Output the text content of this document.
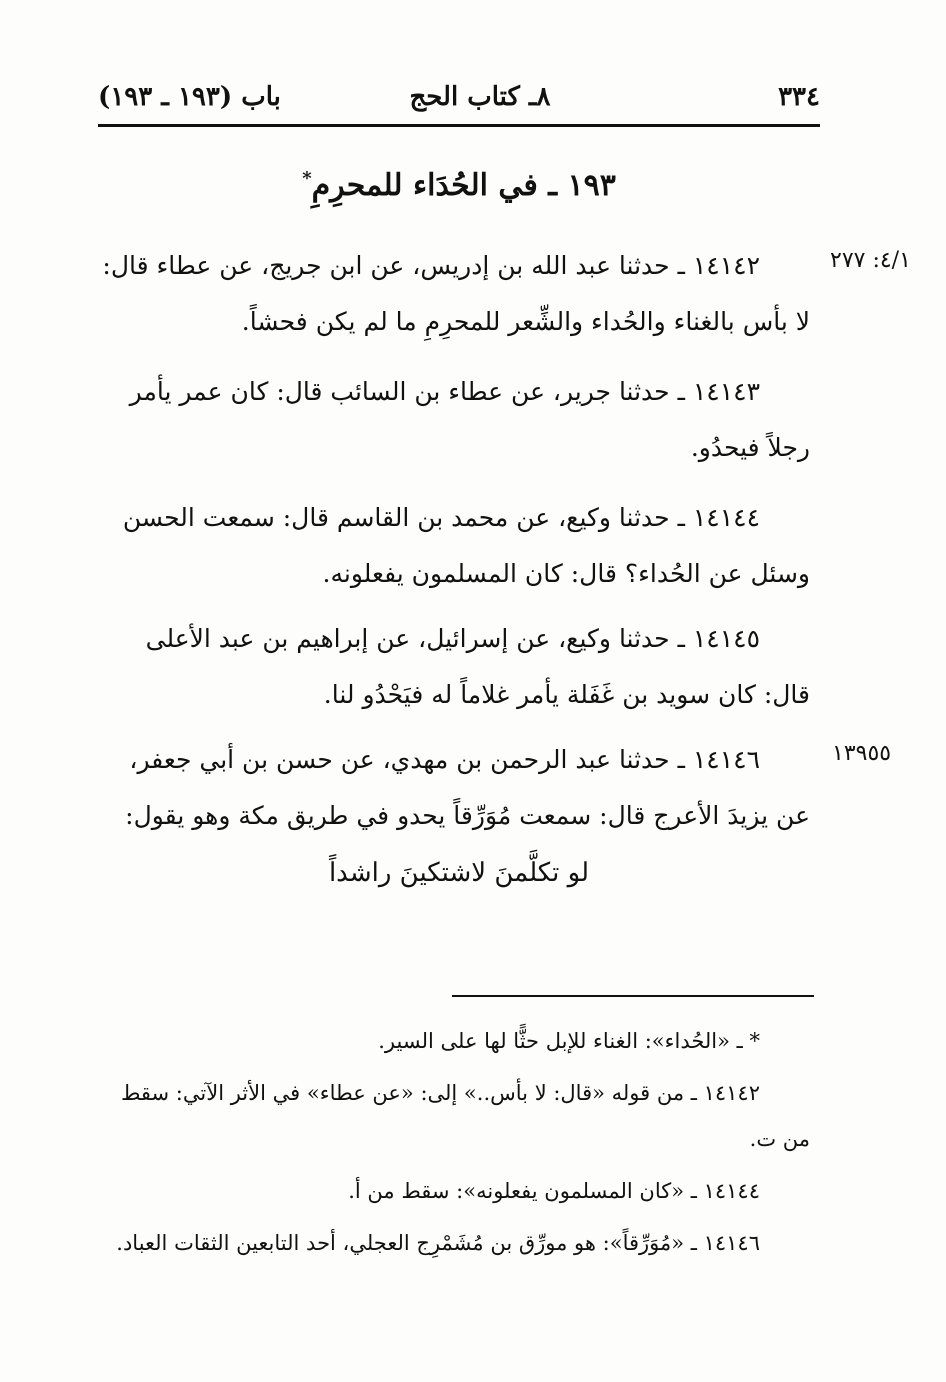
باب (١٩٣ ـ ١٩٣)	٨ـ كتاب الحج	٣٣٤
١٩٣ ـ في الحُدَاء للمحرِمِ*
٤/١: ٢٧٧
١٣٩٥٥
١٤١٤٢ ـ حدثنا عبد الله بن إدريس، عن ابن جريج، عن عطاء قال:
لا بأس بالغناء والحُداء والشِّعر للمحرِمِ ما لم يكن فحشاً.
١٤١٤٣ ـ حدثنا جرير، عن عطاء بن السائب قال: كان عمر يأمر
رجلاً فيحدُو.
١٤١٤٤ ـ حدثنا وكيع، عن محمد بن القاسم قال: سمعت الحسن
وسئل عن الحُداء؟ قال: كان المسلمون يفعلونه.
١٤١٤٥ ـ حدثنا وكيع، عن إسرائيل، عن إبراهيم بن عبد الأعلى
قال: كان سويد بن غَفَلة يأمر غلاماً له فيَحْدُو لنا.
١٤١٤٦ ـ حدثنا عبد الرحمن بن مهدي، عن حسن بن أبي جعفر،
عن يزيدَ الأعرج قال: سمعت مُوَرِّقاً يحدو في طريق مكة وهو يقول:
لو تكلَّمنَ لاشتكينَ راشداً
* ـ «الحُداء»: الغناء للإبل حثًّا لها على السير.
١٤١٤٢ ـ من قوله «قال: لا بأس..» إلى: «عن عطاء» في الأثر الآتي: سقط
من ت.
١٤١٤٤ ـ «كان المسلمون يفعلونه»: سقط من أ.
١٤١٤٦ ـ «مُوَرِّقاً»: هو مورِّق بن مُشَمْرِج العجلي، أحد التابعين الثقات العباد.
